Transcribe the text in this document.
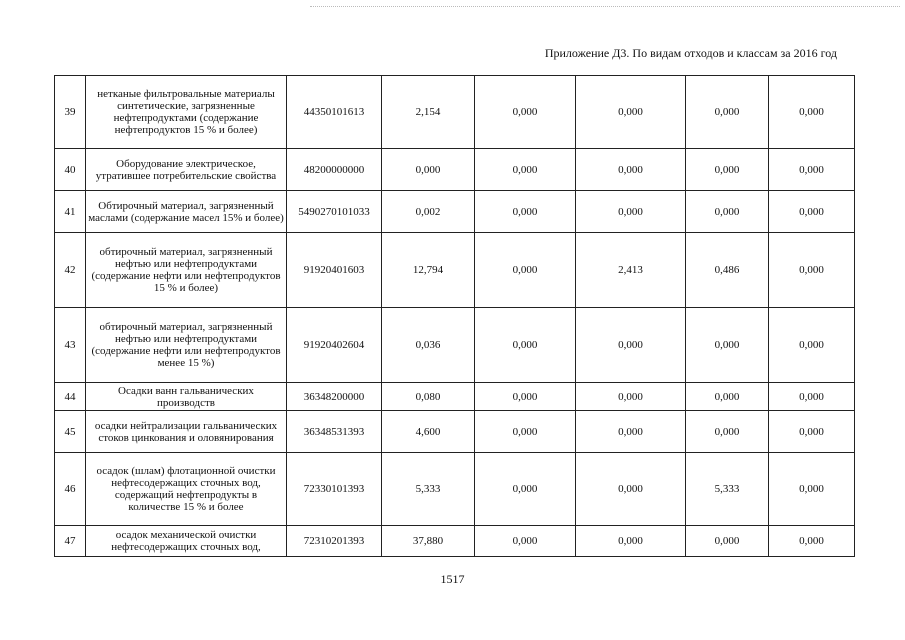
Приложение Д3. По видам отходов и классам за 2016 год
39	нетканые фильтровальные материалы синтетические, загрязненные нефтепродуктами (содержание нефтепродуктов 15 % и более)	44350101613	2,154	0,000	0,000	0,000	0,000
40	Оборудование электрическое, утратившее потребительские свойства	48200000000	0,000	0,000	0,000	0,000	0,000
41	Обтирочный материал, загрязненный маслами (содержание масел 15% и более)	5490270101033	0,002	0,000	0,000	0,000	0,000
42	обтирочный материал, загрязненный нефтью или нефтепродуктами (содержание нефти или нефтепродуктов 15 % и более)	91920401603	12,794	0,000	2,413	0,486	0,000
43	обтирочный материал, загрязненный нефтью или нефтепродуктами (содержание нефти или нефтепродуктов менее 15 %)	91920402604	0,036	0,000	0,000	0,000	0,000
44	Осадки ванн гальванических производств	36348200000	0,080	0,000	0,000	0,000	0,000
45	осадки нейтрализации гальванических стоков цинкования и оловянирования	36348531393	4,600	0,000	0,000	0,000	0,000
46	осадок (шлам) флотационной очистки нефтесодержащих сточных вод, содержащий нефтепродукты в количестве 15 % и более	72330101393	5,333	0,000	0,000	5,333	0,000
47	осадок механической очистки нефтесодержащих сточных вод,	72310201393	37,880	0,000	0,000	0,000	0,000
1517
